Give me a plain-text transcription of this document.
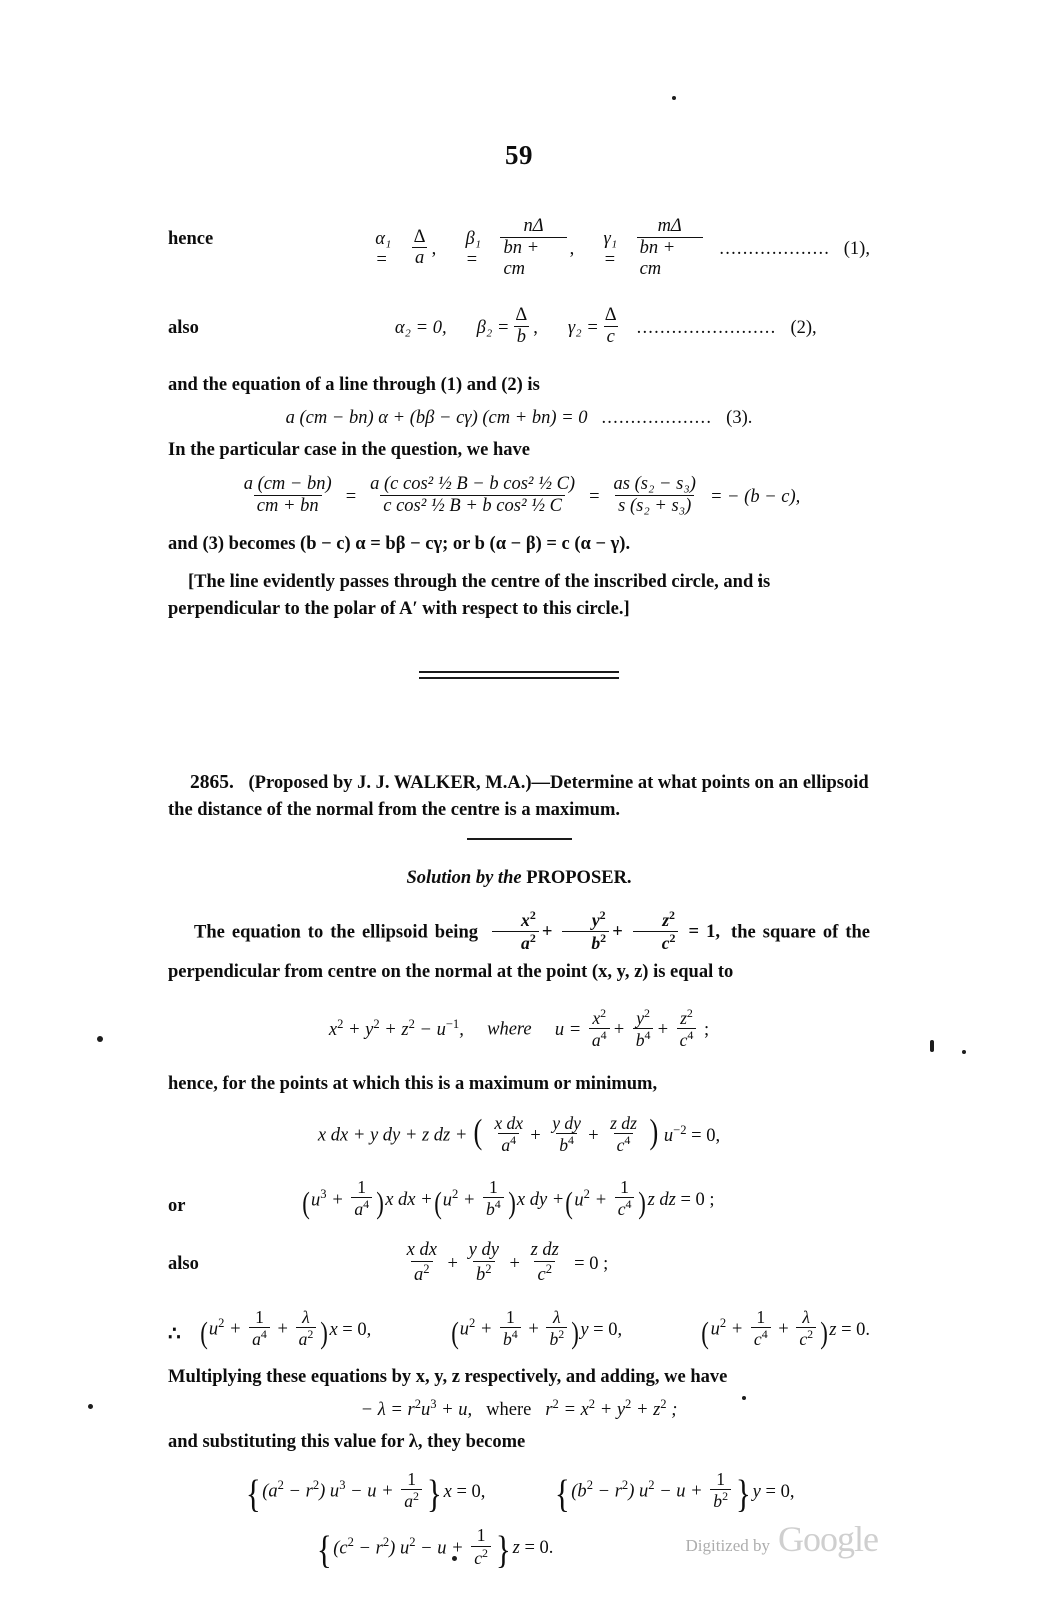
59
hence	α₁ =	$\frac{\Delta}{a}$ ,
β₁ =	$\frac{n\Delta}{bn + cm}$ ,
γ₁ =	$\frac{m\Delta}{bn + cm}$ ................... (1),
also	α₂ = 0, $\beta_2 = \frac{\Delta}{b}$ , $\gamma_2 = \frac{\Delta}{c}$ ........................ (2),
and the equation of a line through (1) and (2) is
a (cm − bn) α + (bβ − cγ) (cm + bn) = 0 ................... (3).
In the particular case in the question, we have
$\frac{a (cm - bn)}{cm + bn} = \frac{\text{a (c cos² ½ B − b cos² ½ C)}}{\text{c cos² ½ B + b cos² ½ C}} = \frac{\text{as (s₂ − s₃)}}{\text{s (s₂ + s₃)}}$ = − (b − c),
and (3) becomes (b − c) α = bβ − cγ; or b (α − β) = c (α − γ).
[The line evidently passes through the centre of the inscribed circle, and is perpendicular to the polar of A′ with respect to this circle.]
2865. (Proposed by J. J. WALKER, M.A.)—Determine at what points on an ellipsoid the distance of the normal from the centre is a maximum.
Solution by the PROPOSER.
The equation to the ellipsoid being $\frac{x^2}{a^2} + \frac{y^2}{b^2} + \frac{z^2}{c^2} = 1$, the square of the perpendicular from centre on the normal at the point (x, y, z) is equal to
$x^2 + y^2 + z^2 - u^{-1}$, where $u = \frac{x^2}{a^4} + \frac{y^2}{b^4} + \frac{z^2}{c^4}$ ;
hence, for the points at which this is a maximum or minimum,
x dx + y dy + z dz + ( $\frac{\text{x dx}}{a^4} + \frac{\text{y dy}}{b^4} + \frac{\text{z dz}}{c^4}$ ) $u^{-2} = 0$,
or	( $u^3 + \frac{1}{a^4}$ ) x dx + ( $u^2 + \frac{1}{b^4}$ ) x dy + ( $u^2 + \frac{1}{c^4}$ ) z dz = 0 ;
also	$\frac{\text{x dx}}{a^2} + \frac{\text{y dy}}{b^2} + \frac{\text{z dz}}{c^2} = 0$ ;
∴ ( $u^2 + \frac{1}{a^4} + \frac{\lambda}{a^2}$ ) x = 0,	( $u^2 + \frac{1}{b^4} + \frac{\lambda}{b^2}$ ) y = 0,	( $u^2 + \frac{1}{c^4} + \frac{\lambda}{c^2}$ ) z = 0.
Multiplying these equations by x, y, z respectively, and adding, we have
− $\lambda = r^2u^3 + u$, where $r^2 = x^2 + y^2 + z^2$ ;
and substituting this value for λ, they become
{ $(a^2 - r^2) u^3 - u + \frac{1}{a^2}$ } x = 0,
{ $(b^2 - r^2) u^2 - u + \frac{1}{b^2}$ } y = 0,
{ $(c^2 - r^2) u^2 - u + \frac{1}{c^2}$ } z = 0.	Digitized by Google
